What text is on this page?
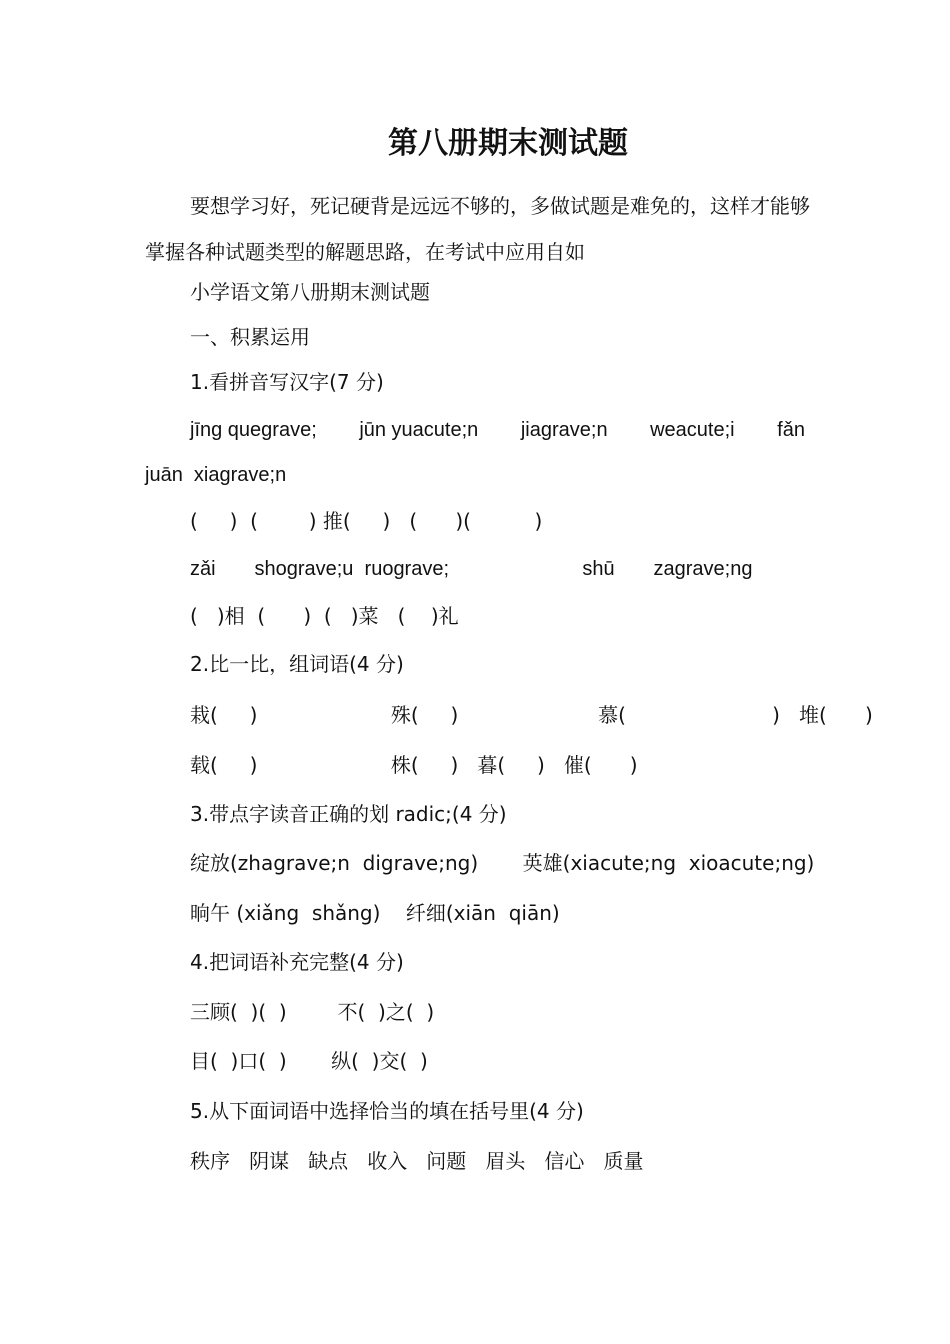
第八册期末测试题
要想学习好，死记硬背是远远不够的，多做试题是难免的，这样才能够掌握各种试题类型的解题思路，在考试中应用自如
小学语文第八册期末测试题
一、积累运用
1.看拼音写汉字(7 分)
jīng quegrave; jūn yuacute;n jiagrave;n weacute;i fǎn
juān  xiagrave;n
(     )  (        ) 推(     )   (      )(          )
zǎi       shograve;u  ruograve;                        shū       zagrave;ng
(   )相  (      )  (   )菜   (    )礼
2.比一比，组词语(4 分)
栽(     )                     殊(     )                      慕(                       )   堆(      )
载(     )                     株(     )   暮(     )   催(      )
3.带点字读音正确的划 radic;(4 分)
绽放(zhagrave;n  digrave;ng)       英雄(xiacute;ng  xioacute;ng)
晌午 (xiǎng  shǎng)    纤细(xiān  qiān)
4.把词语补充完整(4 分)
三顾(  )(  )        不(  )之(  )
目(  )口(  )       纵(  )交(  )
5.从下面词语中选择恰当的填在括号里(4 分)
秩序   阴谋   缺点   收入   问题   眉头   信心   质量
